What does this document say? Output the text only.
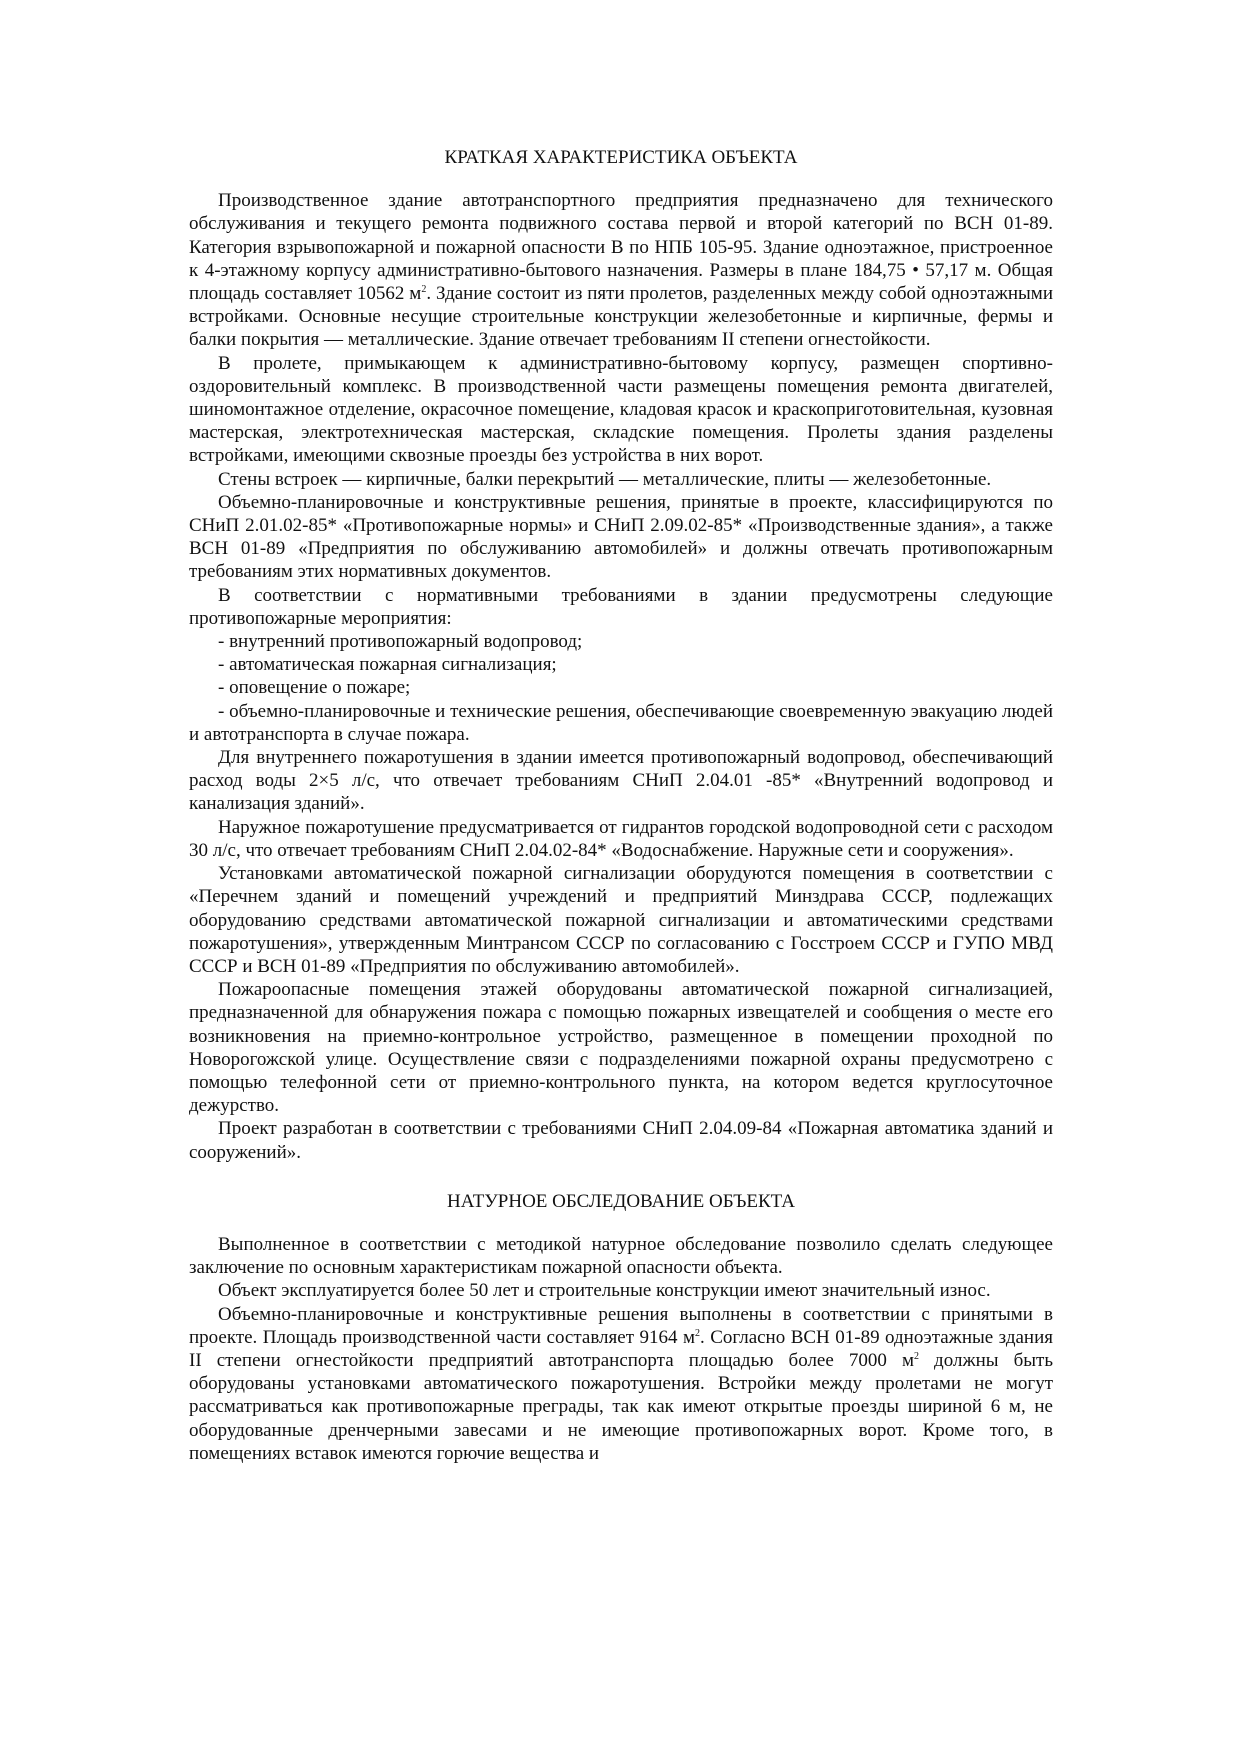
КРАТКАЯ ХАРАКТЕРИСТИКА ОБЪЕКТА

Производственное здание автотранспортного предприятия предназначено для технического обслуживания и текущего ремонта подвижного состава первой и второй категорий по ВСН 01-89. Категория взрывопожарной и пожарной опасности В по НПБ 105-95. Здание одноэтажное, пристроенное к 4-этажному корпусу административно-бытового назначения. Размеры в плане 184,75 • 57,17 м. Общая площадь составляет 10562 $м^2$. Здание состоит из пяти пролетов, разделенных между собой одноэтажными встройками. Основные несущие строительные конструкции железобетонные и кирпичные, фермы и балки покрытия — металлические. Здание отвечает требованиям II степени огнестойкости.

В пролете, примыкающем к административно-бытовому корпусу, размещен спортивно-оздоровительный комплекс. В производственной части размещены помещения ремонта двигателей, шиномонтажное отделение, окрасочное помещение, кладовая красок и краскоприготовительная, кузовная мастерская, электротехническая мастерская, складские помещения. Пролеты здания разделены встройками, имеющими сквозные проезды без устройства в них ворот.

Стены встроек — кирпичные, балки перекрытий — металлические, плиты — железобетонные.

Объемно-планировочные и конструктивные решения, принятые в проекте, классифицируются по СНиП 2.01.02-85* «Противопожарные нормы» и СНиП 2.09.02-85* «Производственные здания», а также ВСН 01-89 «Предприятия по обслуживанию автомобилей» и должны отвечать противопожарным требованиям этих нормативных документов.

В соответствии с нормативными требованиями в здании предусмотрены следующие противопожарные мероприятия:

- внутренний противопожарный водопровод;

- автоматическая пожарная сигнализация;

- оповещение о пожаре;

- объемно-планировочные и технические решения, обеспечивающие своевременную эвакуацию людей и автотранспорта в случае пожара.

Для внутреннего пожаротушения в здании имеется противопожарный водопровод, обеспечивающий расход воды 2×5 л/с, что отвечает требованиям СНиП 2.04.01 -85* «Внутренний водопровод и канализация зданий».

Наружное пожаротушение предусматривается от гидрантов городской водопроводной сети с расходом 30 л/с, что отвечает требованиям СНиП 2.04.02-84* «Водоснабжение. Наружные сети и сооружения».

Установками автоматической пожарной сигнализации оборудуются помещения в соответствии с «Перечнем зданий и помещений учреждений и предприятий Минздрава СССР, подлежащих оборудованию средствами автоматической пожарной сигнализации и автоматическими средствами пожаротушения», утвержденным Минтрансом СССР по согласованию с Госстроем СССР и ГУПО МВД СССР и ВСН 01-89 «Предприятия по обслуживанию автомобилей».

Пожароопасные помещения этажей оборудованы автоматической пожарной сигнализацией, предназначенной для обнаружения пожара с помощью пожарных извещателей и сообщения о месте его возникновения на приемно-контрольное устройство, размещенное в помещении проходной по Новорогожской улице. Осуществление связи с подразделениями пожарной охраны предусмотрено с помощью телефонной сети от приемно-контрольного пункта, на котором ведется круглосуточное дежурство.

Проект разработан в соответствии с требованиями СНиП 2.04.09-84 «Пожарная автоматика зданий и сооружений».

НАТУРНОЕ ОБСЛЕДОВАНИЕ ОБЪЕКТА

Выполненное в соответствии с методикой натурное обследование позволило сделать следующее заключение по основным характеристикам пожарной опасности объекта.

Объект эксплуатируется более 50 лет и строительные конструкции имеют значительный износ.

Объемно-планировочные и конструктивные решения выполнены в соответствии с принятыми в проекте. Площадь производственной части составляет 9164 $м^2$. Согласно ВСН 01-89 одноэтажные здания II степени огнестойкости предприятий автотранспорта площадью более 7000 $м^2$ должны быть оборудованы установками автоматического пожаротушения. Встройки между пролетами не могут рассматриваться как противопожарные преграды, так как имеют открытые проезды шириной 6 м, не оборудованные дренчерными завесами и не имеющие противопожарных ворот. Кроме того, в помещениях вставок имеются горючие вещества и
